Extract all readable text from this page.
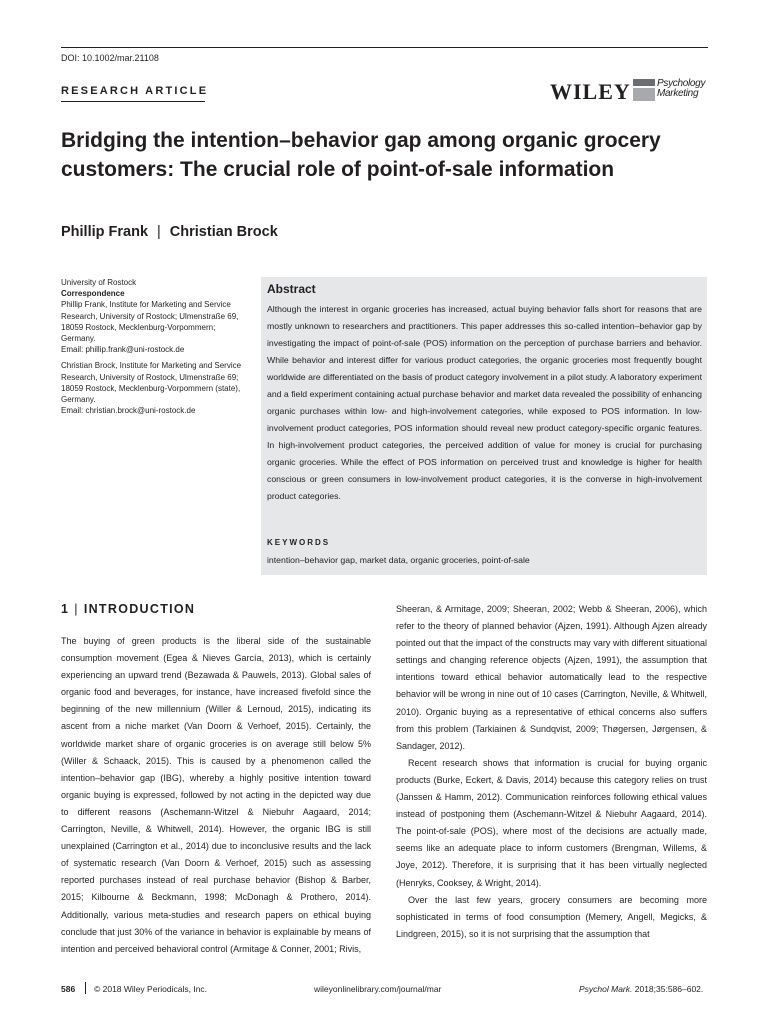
DOI: 10.1002/mar.21108
RESEARCH ARTICLE	WILEY	Psychology
Marketing
Bridging the intention–behavior gap among organic grocery customers: The crucial role of point-of-sale information
Phillip Frank | Christian Brock

University of Rostock

Correspondence

Phillip Frank, Institute for Marketing and Service Research, University of Rostock; Ulmenstraße 69, 18059 Rostock, Mecklenburg-Vorpommern; Germany.

Email: phillip.frank@uni-rostock.de

Christian Brock, Institute for Marketing and Service Research, University of Rostock, Ulmenstraße 69; 18059 Rostock, Mecklenburg-Vorpommern (state), Germany.

Email: christian.brock@uni-rostock.de

Abstract
Although the interest in organic groceries has increased, actual buying behavior falls short for reasons that are mostly unknown to researchers and practitioners. This paper addresses this so-called intention–behavior gap by investigating the impact of point-of-sale (POS) information on the perception of purchase barriers and behavior. While behavior and interest differ for various product categories, the organic groceries most frequently bought worldwide are differentiated on the basis of product category involvement in a pilot study. A laboratory experiment and a field experiment containing actual purchase behavior and market data revealed the possibility of enhancing organic purchases within low- and high-involvement categories, while exposed to POS information. In low-involvement product categories, POS information should reveal new product category-specific organic features. In high-involvement product categories, the perceived addition of value for money is crucial for purchasing organic groceries. While the effect of POS information on perceived trust and knowledge is higher for health conscious or green consumers in low-involvement product categories, it is the converse in high-involvement product categories.
KEYWORDS
intention–behavior gap, market data, organic groceries, point-of-sale
1 | INTRODUCTION

The buying of green products is the liberal side of the sustainable consumption movement (Egea & Nieves García, 2013), which is certainly experiencing an upward trend (Bezawada & Pauwels, 2013). Global sales of organic food and beverages, for instance, have increased fivefold since the beginning of the new millennium (Willer & Lernoud, 2015), indicating its ascent from a niche market (Van Doorn & Verhoef, 2015). Certainly, the worldwide market share of organic groceries is on average still below 5% (Willer & Schaack, 2015). This is caused by a phenomenon called the intention–behavior gap (IBG), whereby a highly positive intention toward organic buying is expressed, followed by not acting in the depicted way due to different reasons (Aschemann-Witzel & Niebuhr Aagaard, 2014; Carrington, Neville, & Whitwell, 2014). However, the organic IBG is still unexplained (Carrington et al., 2014) due to inconclusive results and the lack of systematic research (Van Doorn & Verhoef, 2015) such as assessing reported purchases instead of real purchase behavior (Bishop & Barber, 2015; Kilbourne & Beckmann, 1998; McDonagh & Prothero, 2014). Additionally, various meta-studies and research papers on ethical buying conclude that just 30% of the variance in behavior is explainable by means of intention and perceived behavioral control (Armitage & Conner, 2001; Rivis,

Sheeran, & Armitage, 2009; Sheeran, 2002; Webb & Sheeran, 2006), which refer to the theory of planned behavior (Ajzen, 1991). Although Ajzen already pointed out that the impact of the constructs may vary with different situational settings and changing reference objects (Ajzen, 1991), the assumption that intentions toward ethical behavior automatically lead to the respective behavior will be wrong in nine out of 10 cases (Carrington, Neville, & Whitwell, 2010). Organic buying as a representative of ethical concerns also suffers from this problem (Tarkiainen & Sundqvist, 2009; Thøgersen, Jørgensen, & Sandager, 2012).

Recent research shows that information is crucial for buying organic products (Burke, Eckert, & Davis, 2014) because this category relies on trust (Janssen & Hamm, 2012). Communication reinforces following ethical values instead of postponing them (Aschemann-Witzel & Niebuhr Aagaard, 2014). The point-of-sale (POS), where most of the decisions are actually made, seems like an adequate place to inform customers (Brengman, Willems, & Joye, 2012). Therefore, it is surprising that it has been virtually neglected (Henryks, Cooksey, & Wright, 2014).

Over the last few years, grocery consumers are becoming more sophisticated in terms of food consumption (Memery, Angell, Megicks, & Lindgreen, 2015), so it is not surprising that the assumption that

586 © 2018 Wiley Periodicals, Inc.	wileyonlinelibrary.com/journal/mar	Psychol Mark. 2018;35:586–602.
